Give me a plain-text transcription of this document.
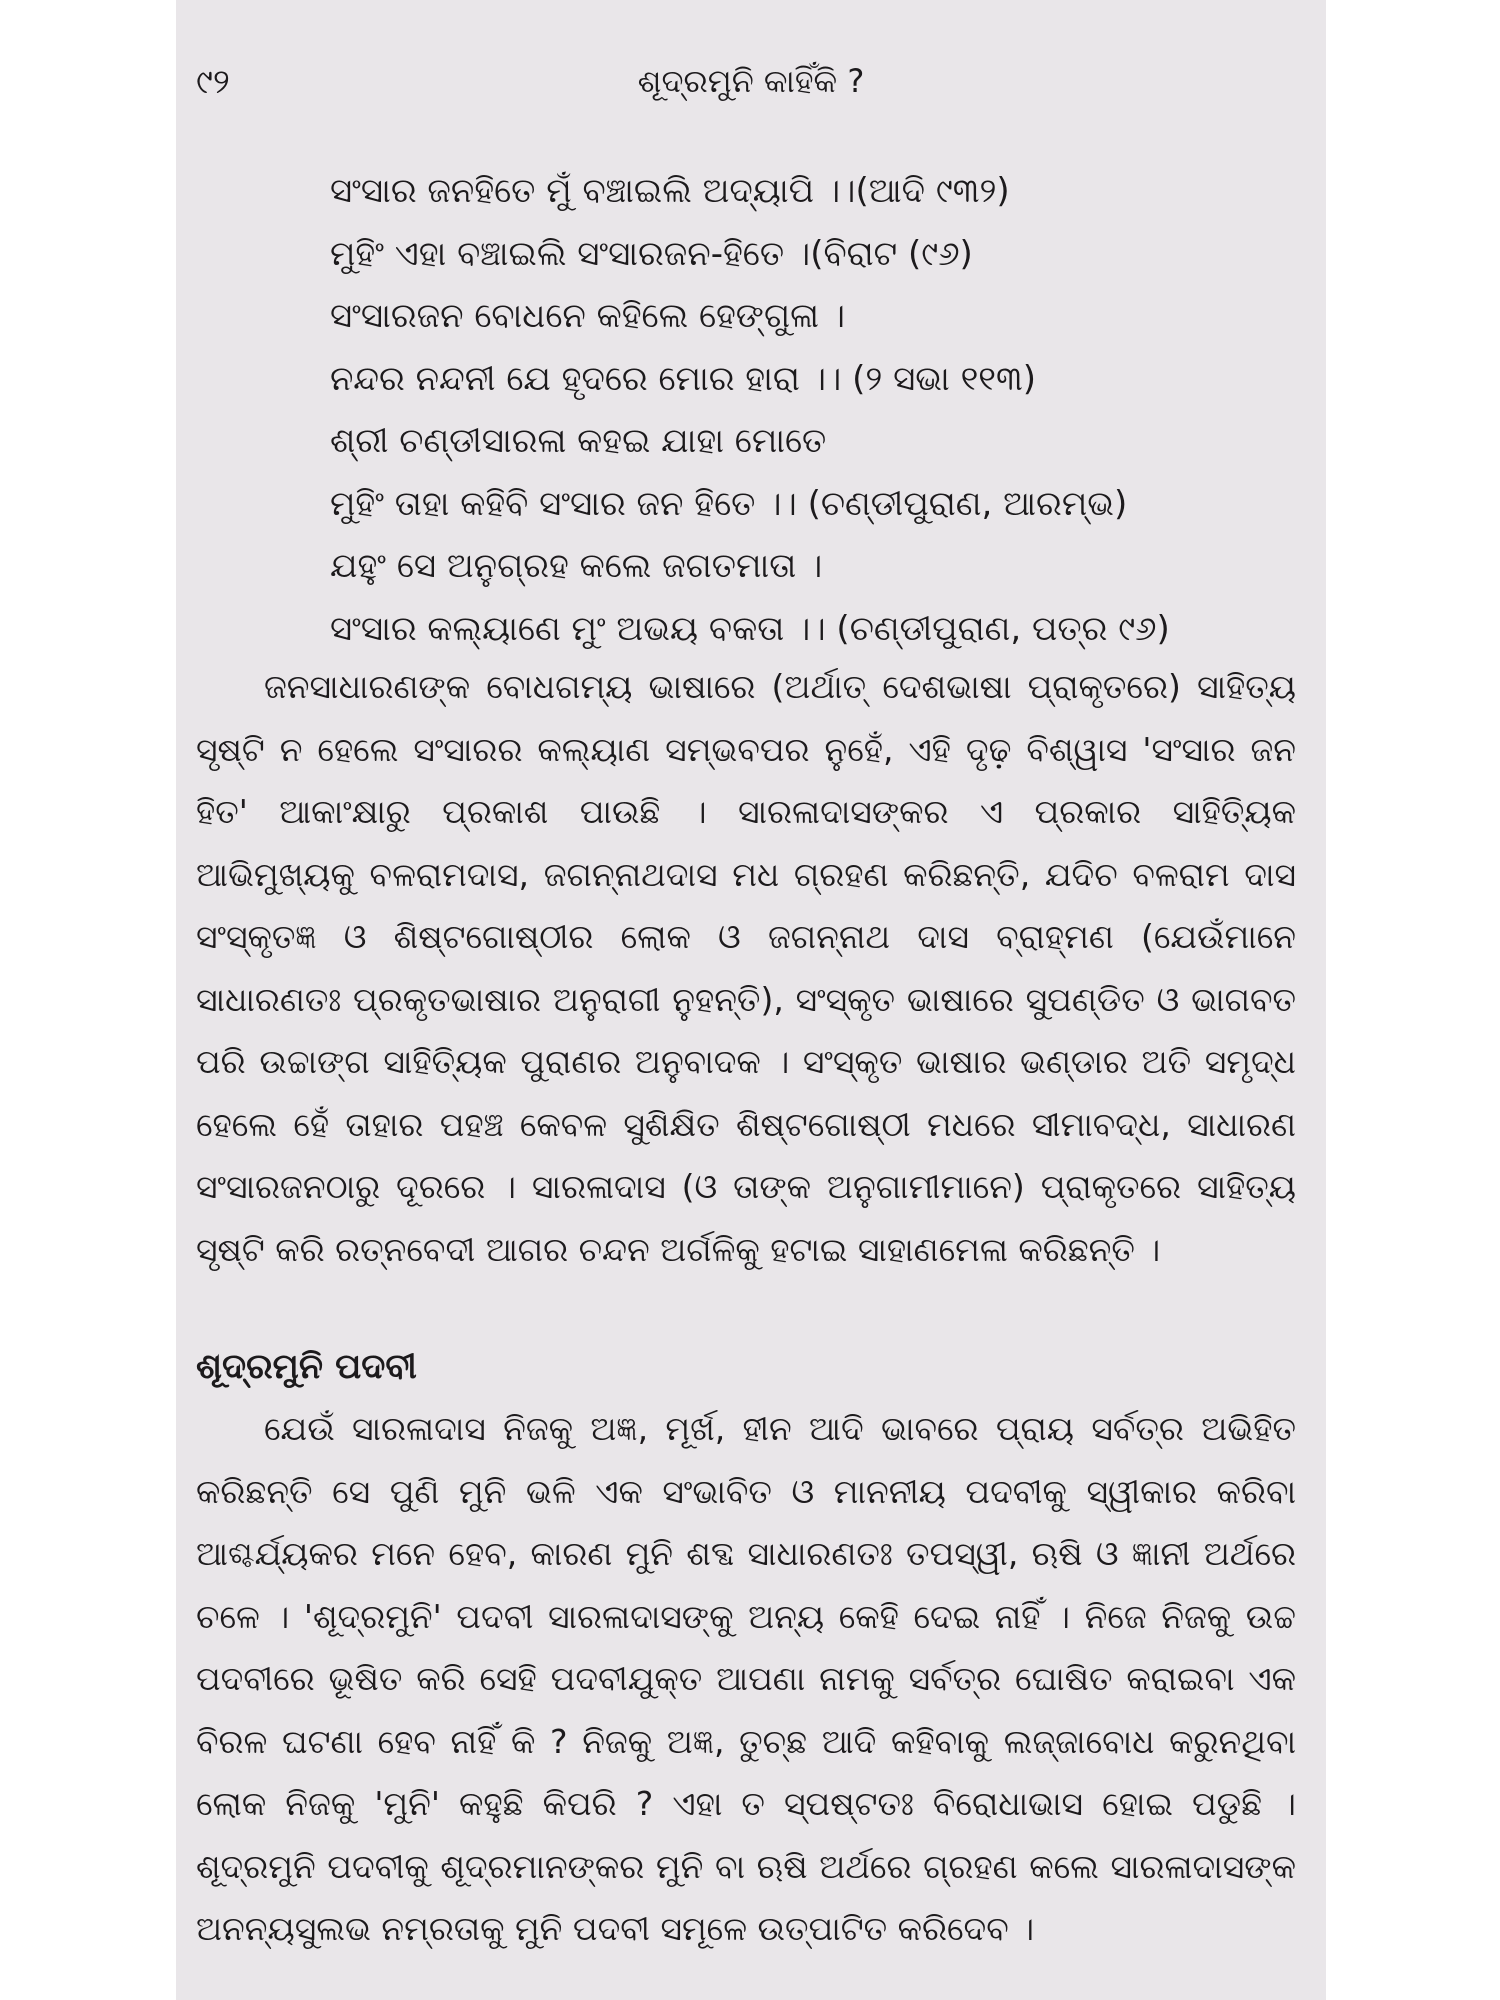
୯୨	ଶୂଦ୍ରମୁନି କାହିଁକି ?
ସଂସାର ଜନହିତେ ମୁଁ ବଞ୍ଚାଇଲି ଅଦ୍ୟାପି ।।(ଆଦି ୯୩୨)
ମୁହିଂ ଏହା ବଞ୍ଚାଇଲି ସଂସାରଜନ-ହିତେ ।(ବିରାଟ (୯୬)
ସଂସାରଜନ ବୋଧନେ କହିଲେ ହେଙ୍ଗୁଳା ।
ନନ୍ଦର ନନ୍ଦନୀ ଯେ ହୃଦରେ ମୋର ହାରା ।। (୨ ସଭା ୧୧୩)
ଶ୍ରୀ ଚଣ୍ଡୀସାରଳା କହଇ ଯାହା ମୋତେ
ମୁହିଂ ତାହା କହିବି ସଂସାର ଜନ ହିତେ ।। (ଚଣ୍ଡୀପୁରାଣ, ଆରମ୍ଭ)
ଯହୁଂ ସେ ଅନୁଗ୍ରହ କଲେ ଜଗତମାତା ।
ସଂସାର କଲ୍ୟାଣେ ମୁଂ ଅଭୟ ବକତା ।। (ଚଣ୍ଡୀପୁରାଣ, ପତ୍ର ୯୬)

ଜନସାଧାରଣଙ୍କ ବୋଧଗମ୍ୟ ଭାଷାରେ (ଅର୍ଥାତ୍ ଦେଶଭାଷା ପ୍ରାକୃତରେ) ସାହିତ୍ୟ ସୃଷ୍ଟି ନ ହେଲେ ସଂସାରର କଲ୍ୟାଣ ସମ୍ଭବପର ନୁହେଁ, ଏହି ଦୃଢ଼ ବିଶ୍ୱାସ 'ସଂସାର ଜନ ହିତ' ଆକାଂକ୍ଷାରୁ ପ୍ରକାଶ ପାଉଛି । ସାରଳାଦାସଙ୍କର ଏ ପ୍ରକାର ସାହିତ୍ୟିକ ଆଭିମୁଖ୍ୟକୁ ବଳରାମଦାସ, ଜଗନ୍ନାଥଦାସ ମଧ ଗ୍ରହଣ କରିଛନ୍ତି, ଯଦିଚ ବଳରାମ ଦାସ ସଂସ୍କୃତଜ୍ଞ ଓ ଶିଷ୍ଟଗୋଷ୍ଠୀର ଲୋକ ଓ ଜଗନ୍ନାଥ ଦାସ ବ୍ରାହ୍ମଣ (ଯେଉଁମାନେ ସାଧାରଣତଃ ପ୍ରକୃତଭାଷାର ଅନୁରାଗୀ ନୁହନ୍ତି), ସଂସ୍କୃତ ଭାଷାରେ ସୁପଣ୍ଡିତ ଓ ଭାଗବତ ପରି ଉଚ୍ଚାଙ୍ଗ ସାହିତ୍ୟିକ ପୁରାଣର ଅନୁବାଦକ । ସଂସ୍କୃତ ଭାଷାର ଭଣ୍ଡାର ଅତି ସମୃଦ୍ଧ ହେଲେ ହେଁ ତାହାର ପହଞ୍ଚ କେବଳ ସୁଶିକ୍ଷିତ ଶିଷ୍ଟଗୋଷ୍ଠୀ ମଧରେ ସୀମାବଦ୍ଧ, ସାଧାରଣ ସଂସାରଜନଠାରୁ ଦୂରରେ । ସାରଳାଦାସ (ଓ ତାଙ୍କ ଅନୁଗାମୀମାନେ) ପ୍ରାକୃତରେ ସାହିତ୍ୟ ସୃଷ୍ଟି କରି ରତ୍ନବେଦୀ ଆଗର ଚନ୍ଦନ ଅର୍ଗଳିକୁ ହଟାଇ ସାହାଣମେଳା କରିଛନ୍ତି ।

ଶୂଦ୍ରମୁନି ପଦବୀ

ଯେଉଁ ସାରଳାଦାସ ନିଜକୁ ଅଜ୍ଞ, ମୂର୍ଖ, ହୀନ ଆଦି ଭାବରେ ପ୍ରାୟ ସର୍ବତ୍ର ଅଭିହିତ କରିଛନ୍ତି ସେ ପୁଣି ମୁନି ଭଳି ଏକ ସଂଭାବିତ ଓ ମାନନୀୟ ପଦବୀକୁ ସ୍ୱୀକାର କରିବା ଆଶ୍ଚର୍ଯ୍ୟକର ମନେ ହେବ, କାରଣ ମୁନି ଶବ୍ଦ ସାଧାରଣତଃ ତପସ୍ୱୀ, ଋଷି ଓ ଜ୍ଞାନୀ ଅର୍ଥରେ ଚଳେ । 'ଶୂଦ୍ରମୁନି' ପଦବୀ ସାରଳାଦାସଙ୍କୁ ଅନ୍ୟ କେହି ଦେଇ ନାହିଁ । ନିଜେ ନିଜକୁ ଉଚ୍ଚ ପଦବୀରେ ଭୂଷିତ କରି ସେହି ପଦବୀଯୁକ୍ତ ଆପଣା ନାମକୁ ସର୍ବତ୍ର ଘୋଷିତ କରାଇବା ଏକ ବିରଳ ଘଟଣା ହେବ ନାହିଁ କି ? ନିଜକୁ ଅଜ୍ଞ, ତୁଚ୍ଛ ଆଦି କହିବାକୁ ଲଜ୍ଜାବୋଧ କରୁନଥିବା ଲୋକ ନିଜକୁ 'ମୁନି' କହୁଛି କିପରି ? ଏହା ତ ସ୍ପଷ୍ଟତଃ ବିରୋଧାଭାସ ହୋଇ ପଡୁଛି । ଶୂଦ୍ରମୁନି ପଦବୀକୁ ଶୂଦ୍ରମାନଙ୍କର ମୁନି ବା ଋଷି ଅର୍ଥରେ ଗ୍ରହଣ କଲେ ସାରଳାଦାସଙ୍କ ଅନନ୍ୟସୁଲଭ ନମ୍ରତାକୁ ମୁନି ପଦବୀ ସମୂଳେ ଉତ୍ପାଟିତ କରିଦେବ ।
